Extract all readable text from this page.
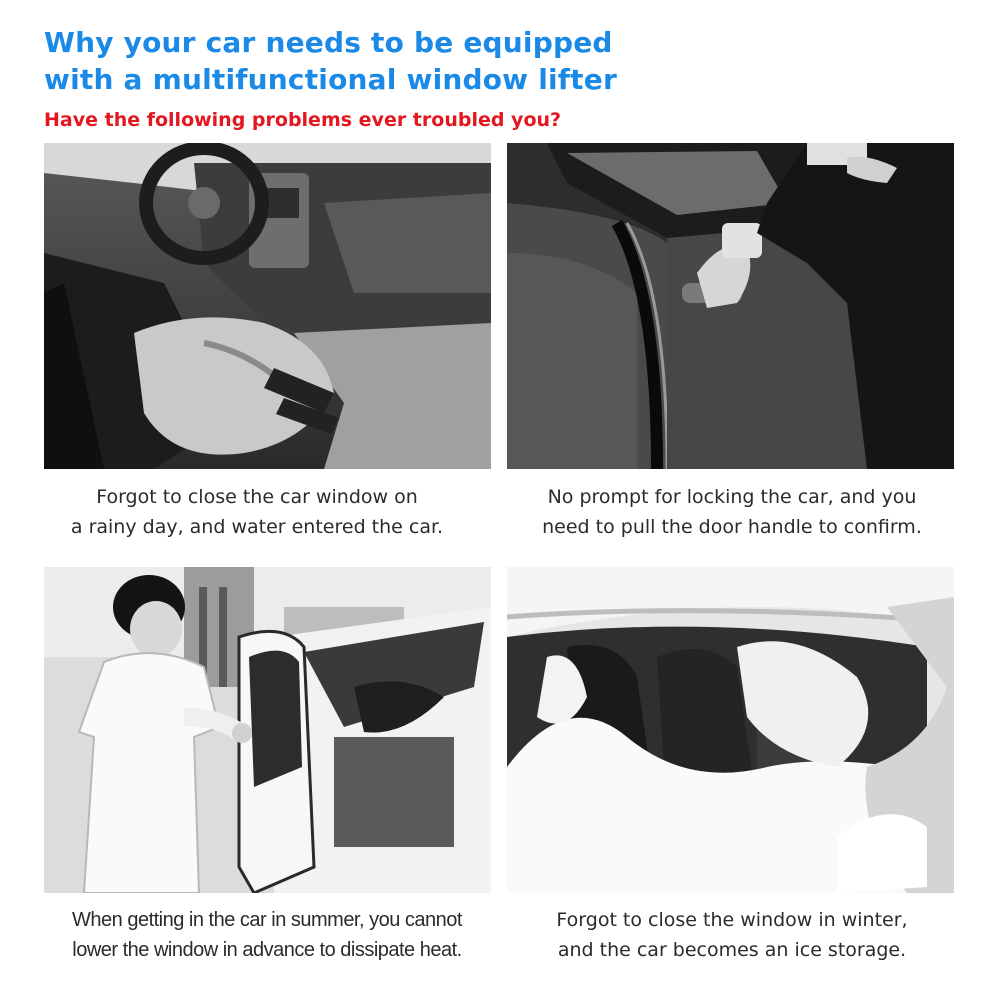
Why your car needs to be equipped
with a multifunctional window lifter

Have the following problems ever troubled you?

Forgot to close the car window on
a rainy day, and water entered the car.

No prompt for locking the car, and you
need to pull the door handle to confirm.

When getting in the car in summer, you cannot
lower the window in advance to dissipate heat.

Forgot to close the window in winter,
and the car becomes an ice storage.
